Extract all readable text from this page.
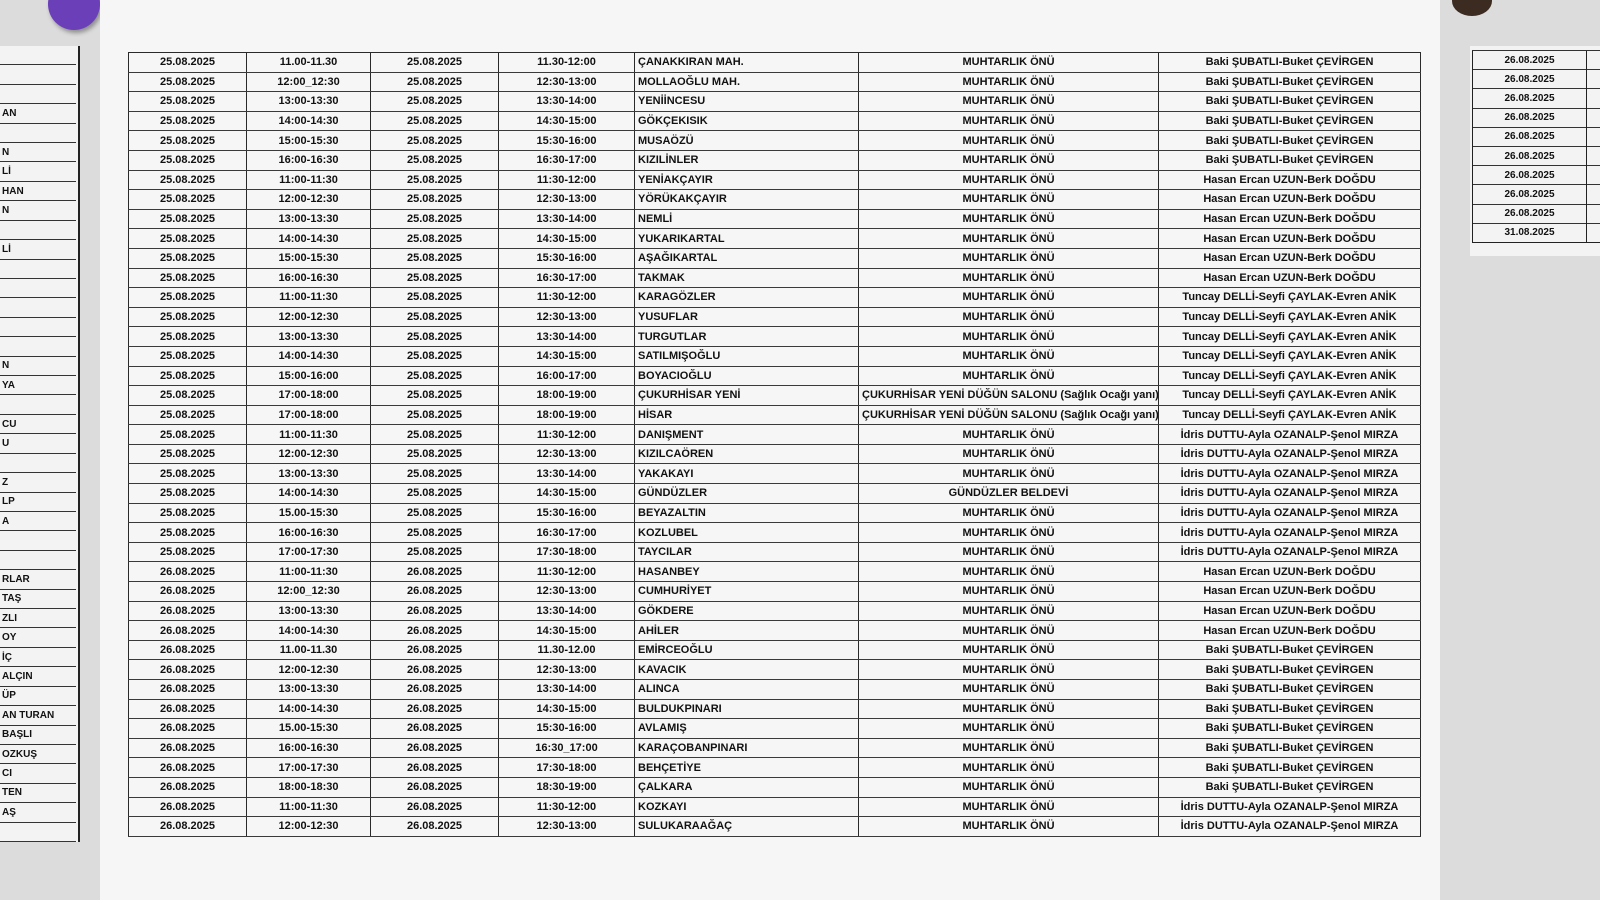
AN
N
Lİ
HAN
N
Lİ
N
YA
CU
U
Z
LP
A
RLAR
TAŞ
ZLI
OY
İÇ
ALÇIN
ÜP
AN TURAN
BAŞLI
OZKUŞ
CI
TEN
AŞ
25.08.2025	11.00-11.30	25.08.2025	11.30-12:00	ÇANAKKIRAN MAH.	MUHTARLIK ÖNÜ	Baki ŞUBATLI-Buket ÇEVİRGEN
25.08.2025	12:00_12:30	25.08.2025	12:30-13:00	MOLLAOĞLU MAH.	MUHTARLIK ÖNÜ	Baki ŞUBATLI-Buket ÇEVİRGEN
25.08.2025	13:00-13:30	25.08.2025	13:30-14:00	YENİİNCESU	MUHTARLIK ÖNÜ	Baki ŞUBATLI-Buket ÇEVİRGEN
25.08.2025	14:00-14:30	25.08.2025	14:30-15:00	GÖKÇEKISIK	MUHTARLIK ÖNÜ	Baki ŞUBATLI-Buket ÇEVİRGEN
25.08.2025	15:00-15:30	25.08.2025	15:30-16:00	MUSAÖZÜ	MUHTARLIK ÖNÜ	Baki ŞUBATLI-Buket ÇEVİRGEN
25.08.2025	16:00-16:30	25.08.2025	16:30-17:00	KIZILİNLER	MUHTARLIK ÖNÜ	Baki ŞUBATLI-Buket ÇEVİRGEN
25.08.2025	11:00-11:30	25.08.2025	11:30-12:00	YENİAKÇAYIR	MUHTARLIK ÖNÜ	Hasan Ercan UZUN-Berk DOĞDU
25.08.2025	12:00-12:30	25.08.2025	12:30-13:00	YÖRÜKAKÇAYIR	MUHTARLIK ÖNÜ	Hasan Ercan UZUN-Berk DOĞDU
25.08.2025	13:00-13:30	25.08.2025	13:30-14:00	NEMLİ	MUHTARLIK ÖNÜ	Hasan Ercan UZUN-Berk DOĞDU
25.08.2025	14:00-14:30	25.08.2025	14:30-15:00	YUKARIKARTAL	MUHTARLIK ÖNÜ	Hasan Ercan UZUN-Berk DOĞDU
25.08.2025	15:00-15:30	25.08.2025	15:30-16:00	AŞAĞIKARTAL	MUHTARLIK ÖNÜ	Hasan Ercan UZUN-Berk DOĞDU
25.08.2025	16:00-16:30	25.08.2025	16:30-17:00	TAKMAK	MUHTARLIK ÖNÜ	Hasan Ercan UZUN-Berk DOĞDU
25.08.2025	11:00-11:30	25.08.2025	11:30-12:00	KARAGÖZLER	MUHTARLIK ÖNÜ	Tuncay DELLİ-Seyfi ÇAYLAK-Evren ANİK
25.08.2025	12:00-12:30	25.08.2025	12:30-13:00	YUSUFLAR	MUHTARLIK ÖNÜ	Tuncay DELLİ-Seyfi ÇAYLAK-Evren ANİK
25.08.2025	13:00-13:30	25.08.2025	13:30-14:00	TURGUTLAR	MUHTARLIK ÖNÜ	Tuncay DELLİ-Seyfi ÇAYLAK-Evren ANİK
25.08.2025	14:00-14:30	25.08.2025	14:30-15:00	SATILMIŞOĞLU	MUHTARLIK ÖNÜ	Tuncay DELLİ-Seyfi ÇAYLAK-Evren ANİK
25.08.2025	15:00-16:00	25.08.2025	16:00-17:00	BOYACIOĞLU	MUHTARLIK ÖNÜ	Tuncay DELLİ-Seyfi ÇAYLAK-Evren ANİK
25.08.2025	17:00-18:00	25.08.2025	18:00-19:00	ÇUKURHİSAR YENİ	ÇUKURHİSAR YENİ DÜĞÜN SALONU (Sağlık Ocağı yanı)	Tuncay DELLİ-Seyfi ÇAYLAK-Evren ANİK
25.08.2025	17:00-18:00	25.08.2025	18:00-19:00	HİSAR	ÇUKURHİSAR YENİ DÜĞÜN SALONU (Sağlık Ocağı yanı)	Tuncay DELLİ-Seyfi ÇAYLAK-Evren ANİK
25.08.2025	11:00-11:30	25.08.2025	11:30-12:00	DANIŞMENT	MUHTARLIK ÖNÜ	İdris DUTTU-Ayla OZANALP-Şenol MIRZA
25.08.2025	12:00-12:30	25.08.2025	12:30-13:00	KIZILCAÖREN	MUHTARLIK ÖNÜ	İdris DUTTU-Ayla OZANALP-Şenol MIRZA
25.08.2025	13:00-13:30	25.08.2025	13:30-14:00	YAKAKAYI	MUHTARLIK ÖNÜ	İdris DUTTU-Ayla OZANALP-Şenol MIRZA
25.08.2025	14:00-14:30	25.08.2025	14:30-15:00	GÜNDÜZLER	GÜNDÜZLER BELDEVİ	İdris DUTTU-Ayla OZANALP-Şenol MIRZA
25.08.2025	15.00-15:30	25.08.2025	15:30-16:00	BEYAZALTIN	MUHTARLIK ÖNÜ	İdris DUTTU-Ayla OZANALP-Şenol MIRZA
25.08.2025	16:00-16:30	25.08.2025	16:30-17:00	KOZLUBEL	MUHTARLIK ÖNÜ	İdris DUTTU-Ayla OZANALP-Şenol MIRZA
25.08.2025	17:00-17:30	25.08.2025	17:30-18:00	TAYCILAR	MUHTARLIK ÖNÜ	İdris DUTTU-Ayla OZANALP-Şenol MIRZA
26.08.2025	11:00-11:30	26.08.2025	11:30-12:00	HASANBEY	MUHTARLIK ÖNÜ	Hasan Ercan UZUN-Berk DOĞDU
26.08.2025	12:00_12:30	26.08.2025	12:30-13:00	CUMHURİYET	MUHTARLIK ÖNÜ	Hasan Ercan UZUN-Berk DOĞDU
26.08.2025	13:00-13:30	26.08.2025	13:30-14:00	GÖKDERE	MUHTARLIK ÖNÜ	Hasan Ercan UZUN-Berk DOĞDU
26.08.2025	14:00-14:30	26.08.2025	14:30-15:00	AHİLER	MUHTARLIK ÖNÜ	Hasan Ercan UZUN-Berk DOĞDU
26.08.2025	11.00-11.30	26.08.2025	11.30-12.00	EMİRCEOĞLU	MUHTARLIK ÖNÜ	Baki ŞUBATLI-Buket ÇEVİRGEN
26.08.2025	12:00-12:30	26.08.2025	12:30-13:00	KAVACIK	MUHTARLIK ÖNÜ	Baki ŞUBATLI-Buket ÇEVİRGEN
26.08.2025	13:00-13:30	26.08.2025	13:30-14:00	ALINCA	MUHTARLIK ÖNÜ	Baki ŞUBATLI-Buket ÇEVİRGEN
26.08.2025	14:00-14:30	26.08.2025	14:30-15:00	BULDUKPINARI	MUHTARLIK ÖNÜ	Baki ŞUBATLI-Buket ÇEVİRGEN
26.08.2025	15.00-15:30	26.08.2025	15:30-16:00	AVLAMIŞ	MUHTARLIK ÖNÜ	Baki ŞUBATLI-Buket ÇEVİRGEN
26.08.2025	16:00-16:30	26.08.2025	16:30_17:00	KARAÇOBANPINARI	MUHTARLIK ÖNÜ	Baki ŞUBATLI-Buket ÇEVİRGEN
26.08.2025	17:00-17:30	26.08.2025	17:30-18:00	BEHÇETİYE	MUHTARLIK ÖNÜ	Baki ŞUBATLI-Buket ÇEVİRGEN
26.08.2025	18:00-18:30	26.08.2025	18:30-19:00	ÇALKARA	MUHTARLIK ÖNÜ	Baki ŞUBATLI-Buket ÇEVİRGEN
26.08.2025	11:00-11:30	26.08.2025	11:30-12:00	KOZKAYI	MUHTARLIK ÖNÜ	İdris DUTTU-Ayla OZANALP-Şenol MIRZA
26.08.2025	12:00-12:30	26.08.2025	12:30-13:00	SULUKARAAĞAÇ	MUHTARLIK ÖNÜ	İdris DUTTU-Ayla OZANALP-Şenol MIRZA
26.08.2025	
26.08.2025	
26.08.2025	
26.08.2025	
26.08.2025	
26.08.2025	
26.08.2025	
26.08.2025	
26.08.2025	
31.08.2025	
